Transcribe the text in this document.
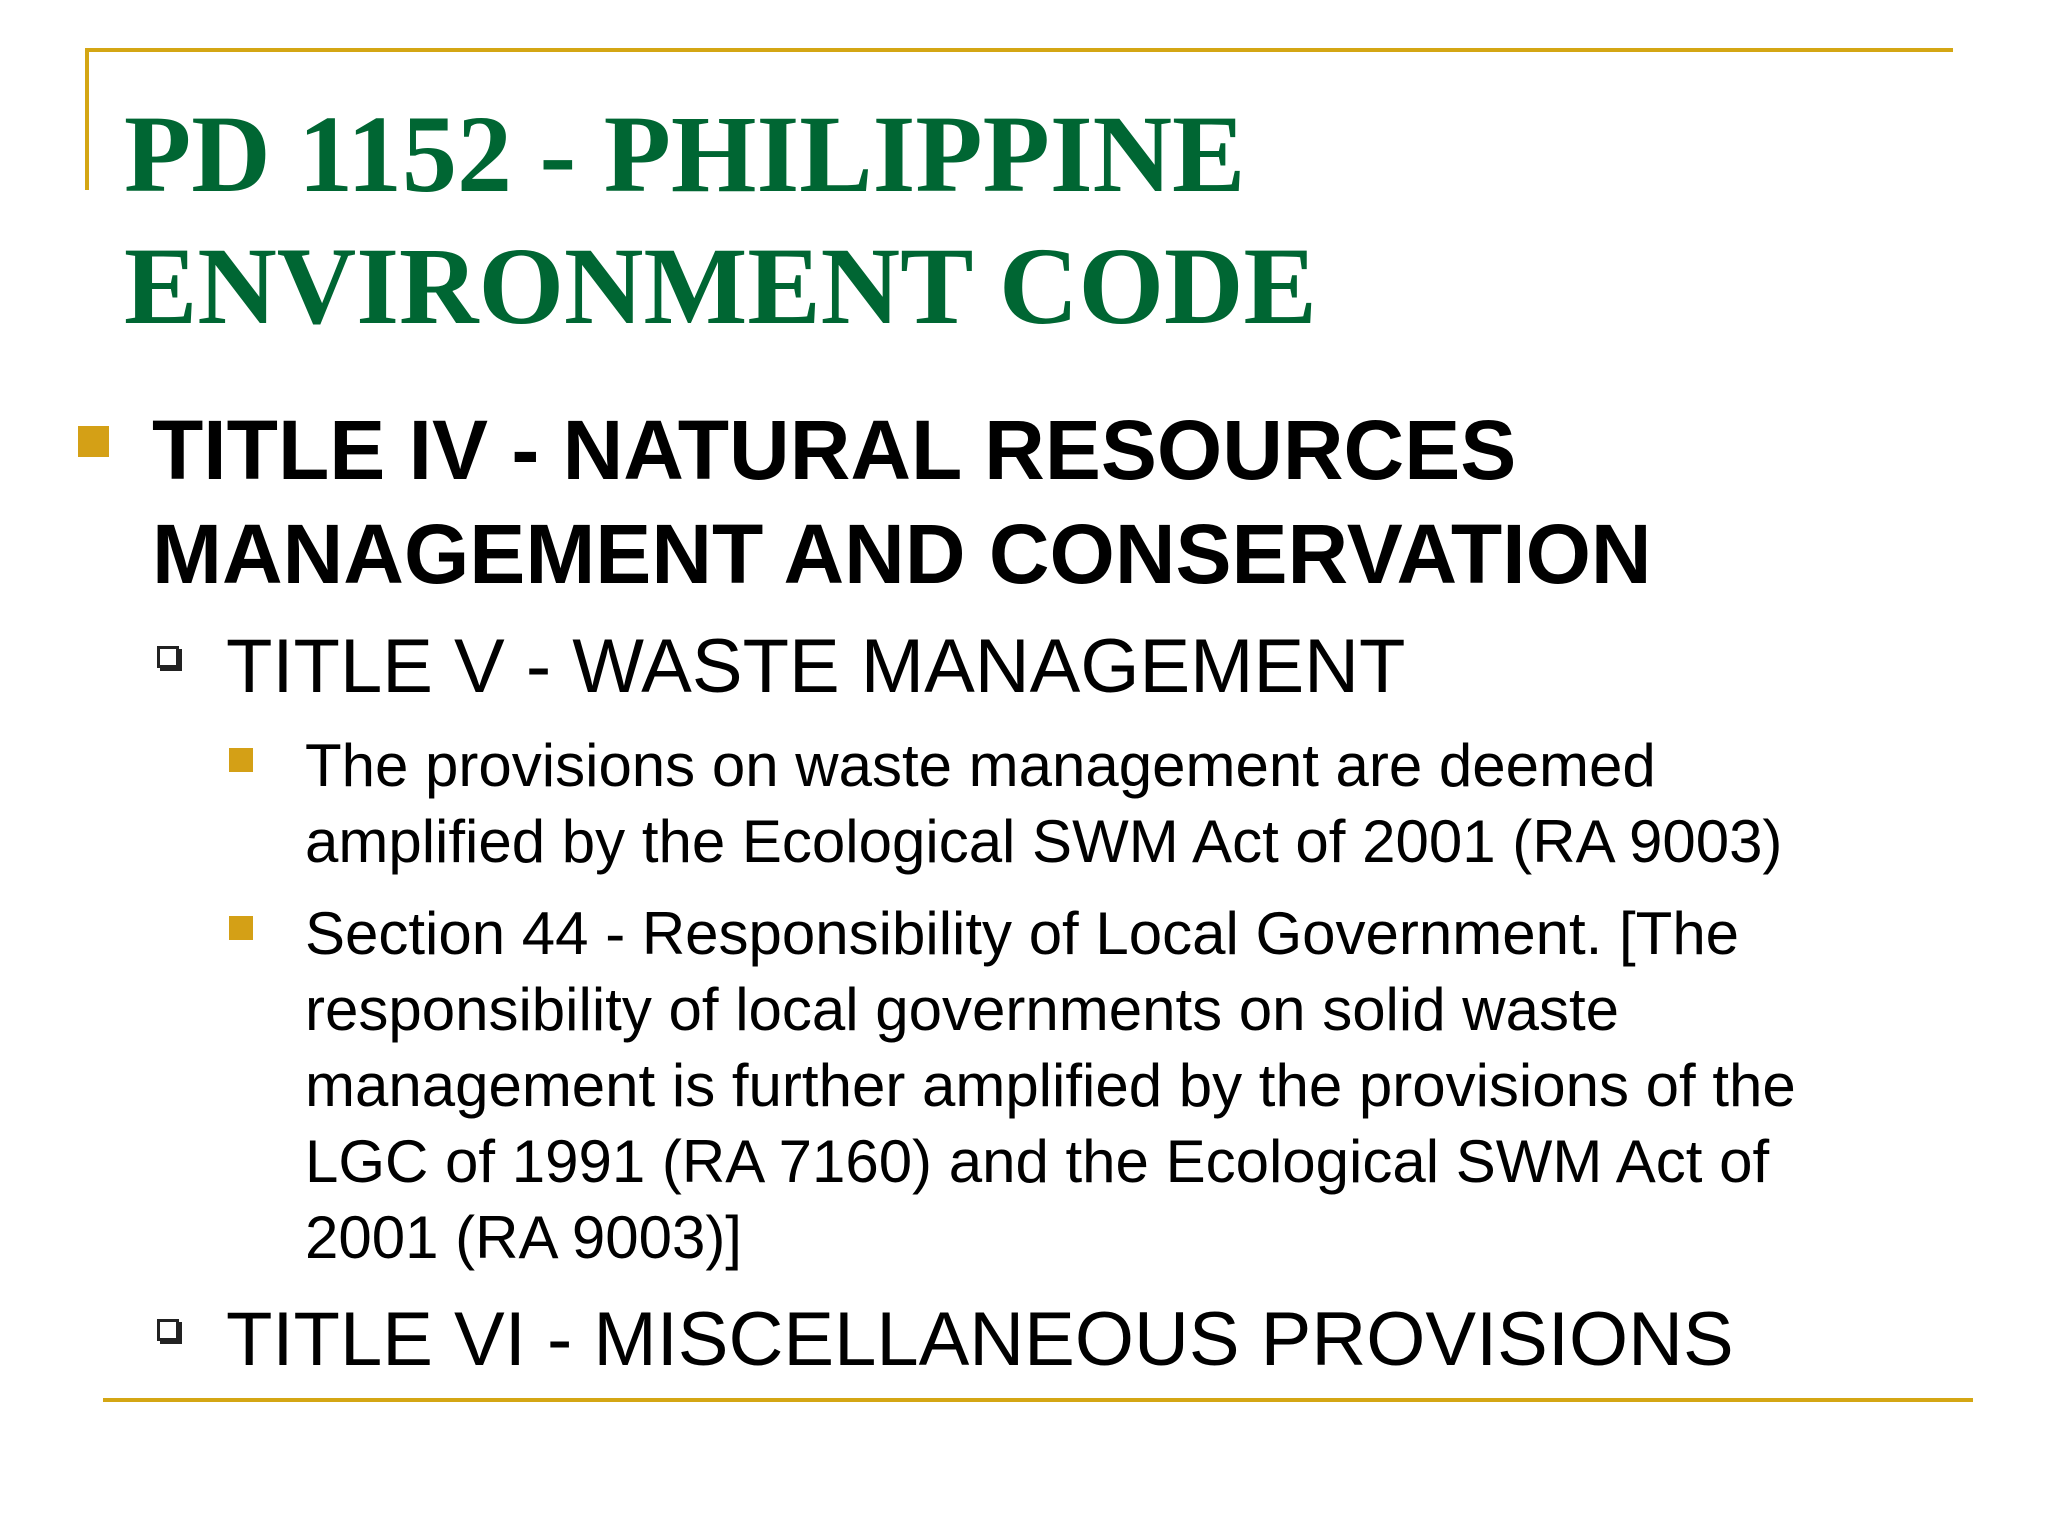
PD 1152 - PHILIPPINE
ENVIRONMENT CODE

TITLE IV - NATURAL RESOURCES
MANAGEMENT AND CONSERVATION

TITLE V - WASTE MANAGEMENT

The provisions on waste management are deemed
amplified by the Ecological SWM Act of 2001 (RA 9003)

Section 44 - Responsibility of Local Government. [The
responsibility of local governments on solid waste
management is further amplified by the provisions of the
LGC of 1991 (RA 7160) and the Ecological SWM Act of
2001 (RA 9003)]

TITLE VI - MISCELLANEOUS PROVISIONS
